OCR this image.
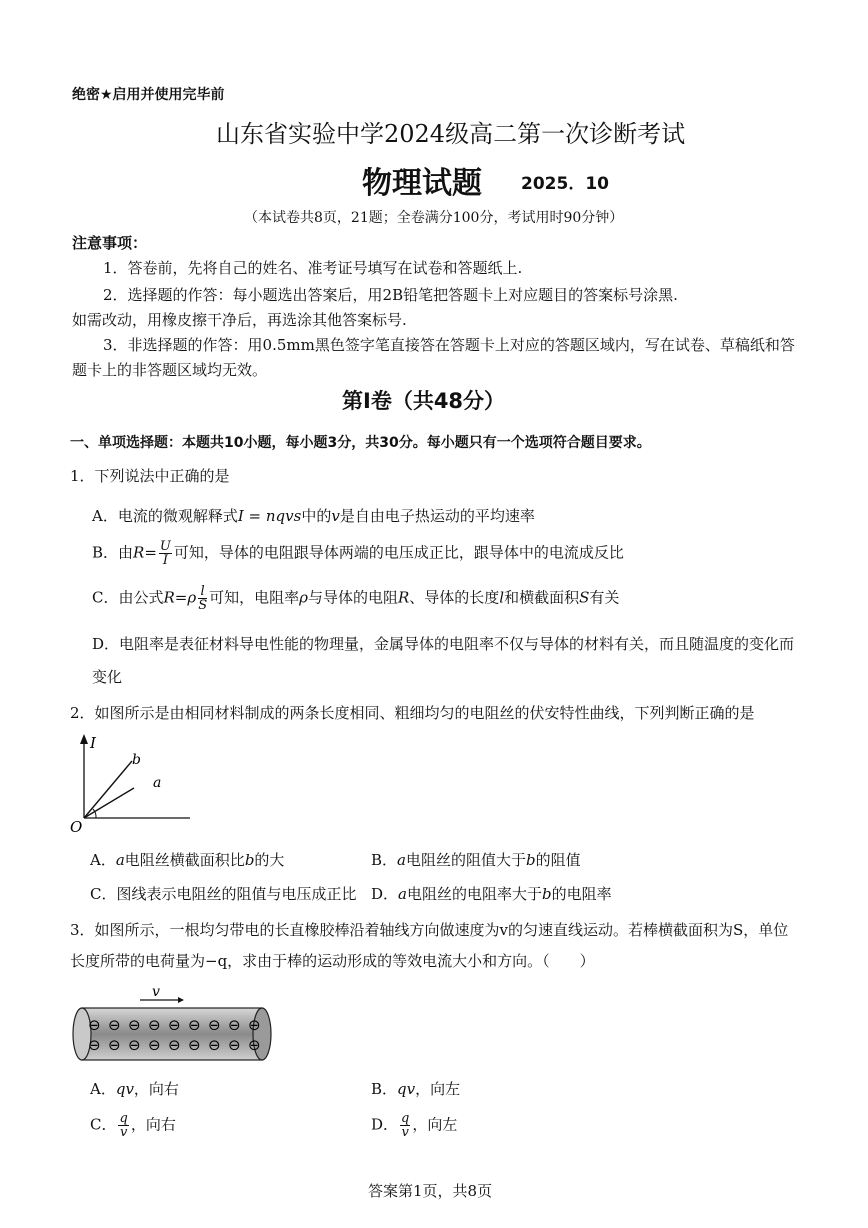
绝密★启用并使用完毕前
山东省实验中学2024级高二第一次诊断考试
物理试题 2025．10
（本试卷共8页，21题；全卷满分100分，考试用时90分钟）
注意事项：
1．答卷前，先将自己的姓名、准考证号填写在试卷和答题纸上.
2．选择题的作答：每小题选出答案后，用2B铅笔把答题卡上对应题目的答案标号涂黑.
如需改动，用橡皮擦干净后，再选涂其他答案标号.
3．非选择题的作答：用0.5mm黑色签字笔直接答在答题卡上对应的答题区域内，写在试卷、草稿纸和答
题卡上的非答题区域均无效。
第Ⅰ卷（共48分）
一、单项选择题：本题共10小题，每小题3分，共30分。每小题只有一个选项符合题目要求。
1．下列说法中正确的是
A．电流的微观解释式I = nqvs中的v是自由电子热运动的平均速率
B．由$R= \frac{U}{I}$ 可知，导体的电阻跟导体两端的电压成正比，跟导体中的电流成反比
C．由公式$R=\rho \frac{l}{S}$ 可知，电阻率ρ与导体的电阻R、导体的长度l和横截面积S有关
D．电阻率是表征材料导电性能的物理量，金属导体的电阻率不仅与导体的材料有关，而且随温度的变化而
变化
2．如图所示是由相同材料制成的两条长度相同、粗细均匀的电阻丝的伏安特性曲线，下列判断正确的是
I
O
b
a
A．a电阻丝横截面积比b的大	B．a电阻丝的阻值大于b的阻值
C．图线表示电阻丝的阻值与电压成正比 D．a电阻丝的电阻率大于b的电阻率
3．如图所示，一根均匀带电的长直橡胶棒沿着轴线方向做速度为v的匀速直线运动。若棒横截面积为S，单位
长度所带的电荷量为−q，求由于棒的运动形成的等效电流大小和方向。（　　）
v
⊖ ⊖ ⊖ ⊖ ⊖ ⊖ ⊖ ⊖ ⊖
⊖ ⊖ ⊖ ⊖ ⊖ ⊖ ⊖ ⊖ ⊖
A．qv，向右	B．qv，向左
C． $\frac{q}{v}$ ，向右	D． $\frac{q}{v}$ ，向左
答案第1页，共8页
